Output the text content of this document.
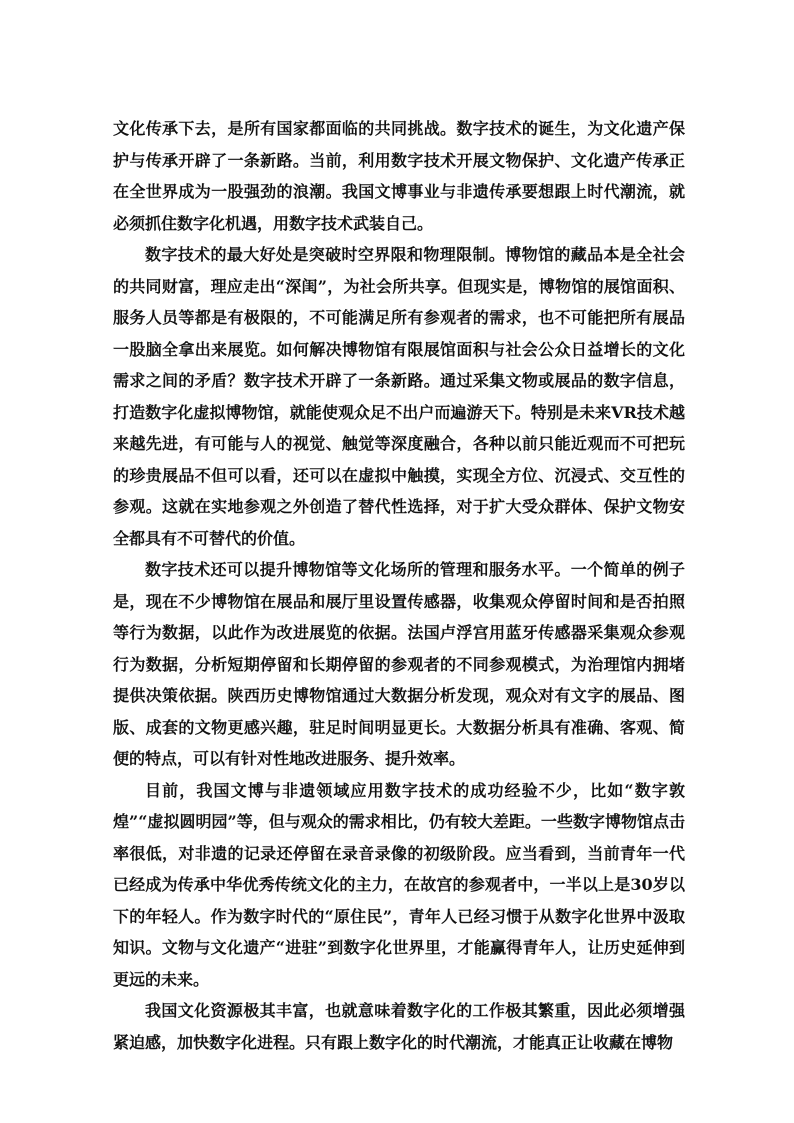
文化传承下去，是所有国家都面临的共同挑战。数字技术的诞生，为文化遗产保护与传承开辟了一条新路。当前，利用数字技术开展文物保护、文化遗产传承正在全世界成为一股强劲的浪潮。我国文博事业与非遗传承要想跟上时代潮流，就必须抓住数字化机遇，用数字技术武装自己。

数字技术的最大好处是突破时空界限和物理限制。博物馆的藏品本是全社会的共同财富，理应走出“深闺”，为社会所共享。但现实是，博物馆的展馆面积、服务人员等都是有极限的，不可能满足所有参观者的需求，也不可能把所有展品一股脑全拿出来展览。如何解决博物馆有限展馆面积与社会公众日益增长的文化需求之间的矛盾？数字技术开辟了一条新路。通过采集文物或展品的数字信息，打造数字化虚拟博物馆，就能使观众足不出户而遍游天下。特别是未来VR技术越来越先进，有可能与人的视觉、触觉等深度融合，各种以前只能近观而不可把玩的珍贵展品不但可以看，还可以在虚拟中触摸，实现全方位、沉浸式、交互性的参观。这就在实地参观之外创造了替代性选择，对于扩大受众群体、保护文物安全都具有不可替代的价值。

数字技术还可以提升博物馆等文化场所的管理和服务水平。一个简单的例子是，现在不少博物馆在展品和展厅里设置传感器，收集观众停留时间和是否拍照等行为数据，以此作为改进展览的依据。法国卢浮宫用蓝牙传感器采集观众参观行为数据，分析短期停留和长期停留的参观者的不同参观模式，为治理馆内拥堵提供决策依据。陕西历史博物馆通过大数据分析发现，观众对有文字的展品、图版、成套的文物更感兴趣，驻足时间明显更长。大数据分析具有准确、客观、简便的特点，可以有针对性地改进服务、提升效率。

目前，我国文博与非遗领域应用数字技术的成功经验不少，比如“数字敦煌”“虚拟圆明园”等，但与观众的需求相比，仍有较大差距。一些数字博物馆点击率很低，对非遗的记录还停留在录音录像的初级阶段。应当看到，当前青年一代已经成为传承中华优秀传统文化的主力，在故宫的参观者中，一半以上是30岁以下的年轻人。作为数字时代的“原住民”，青年人已经习惯于从数字化世界中汲取知识。文物与文化遗产“进驻”到数字化世界里，才能赢得青年人，让历史延伸到更远的未来。

我国文化资源极其丰富，也就意味着数字化的工作极其繁重，因此必须增强紧迫感，加快数字化进程。只有跟上数字化的时代潮流，才能真正让收藏在博物
